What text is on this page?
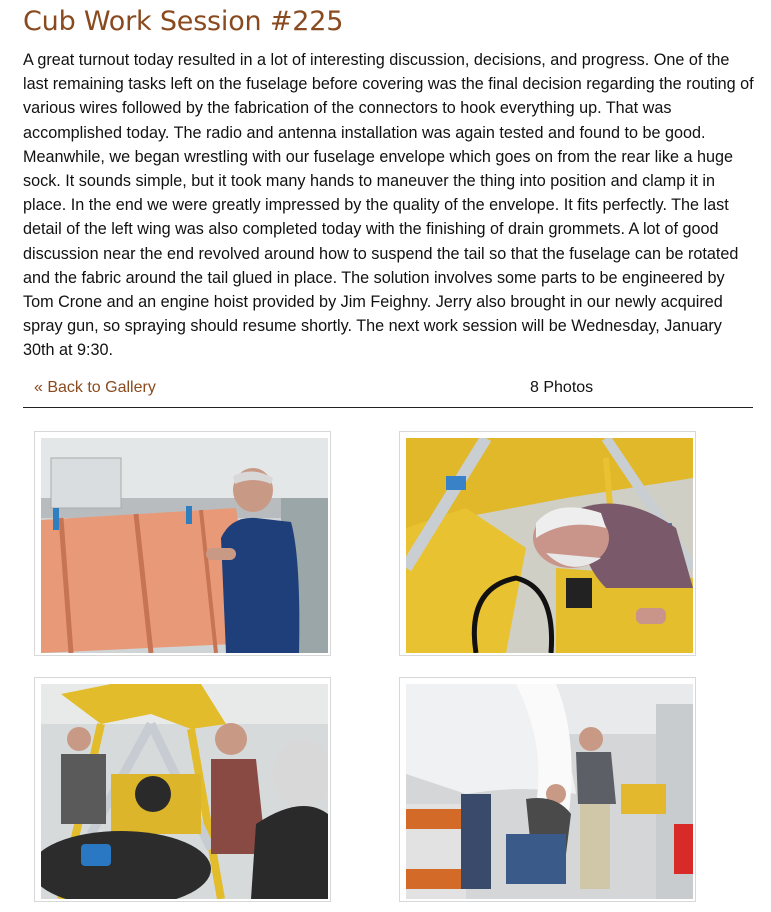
Cub Work Session #225

A great turnout today resulted in a lot of interesting discussion, decisions, and progress. One of the last remaining tasks left on the fuselage before covering was the final decision regarding the routing of various wires followed by the fabrication of the connectors to hook everything up. That was accomplished today. The radio and antenna installation was again tested and found to be good. Meanwhile, we began wrestling with our fuselage envelope which goes on from the rear like a huge sock. It sounds simple, but it took many hands to maneuver the thing into position and clamp it in place. In the end we were greatly impressed by the quality of the envelope. It fits perfectly. The last detail of the left wing was also completed today with the finishing of drain grommets. A lot of good discussion near the end revolved around how to suspend the tail so that the fuselage can be rotated and the fabric around the tail glued in place. The solution involves some parts to be engineered by Tom Crone and an engine hoist provided by Jim Feighny. Jerry also brought in our newly acquired spray gun, so spraying should resume shortly. The next work session will be Wednesday, January 30th at 9:30.

« Back to Gallery	8 Photos
